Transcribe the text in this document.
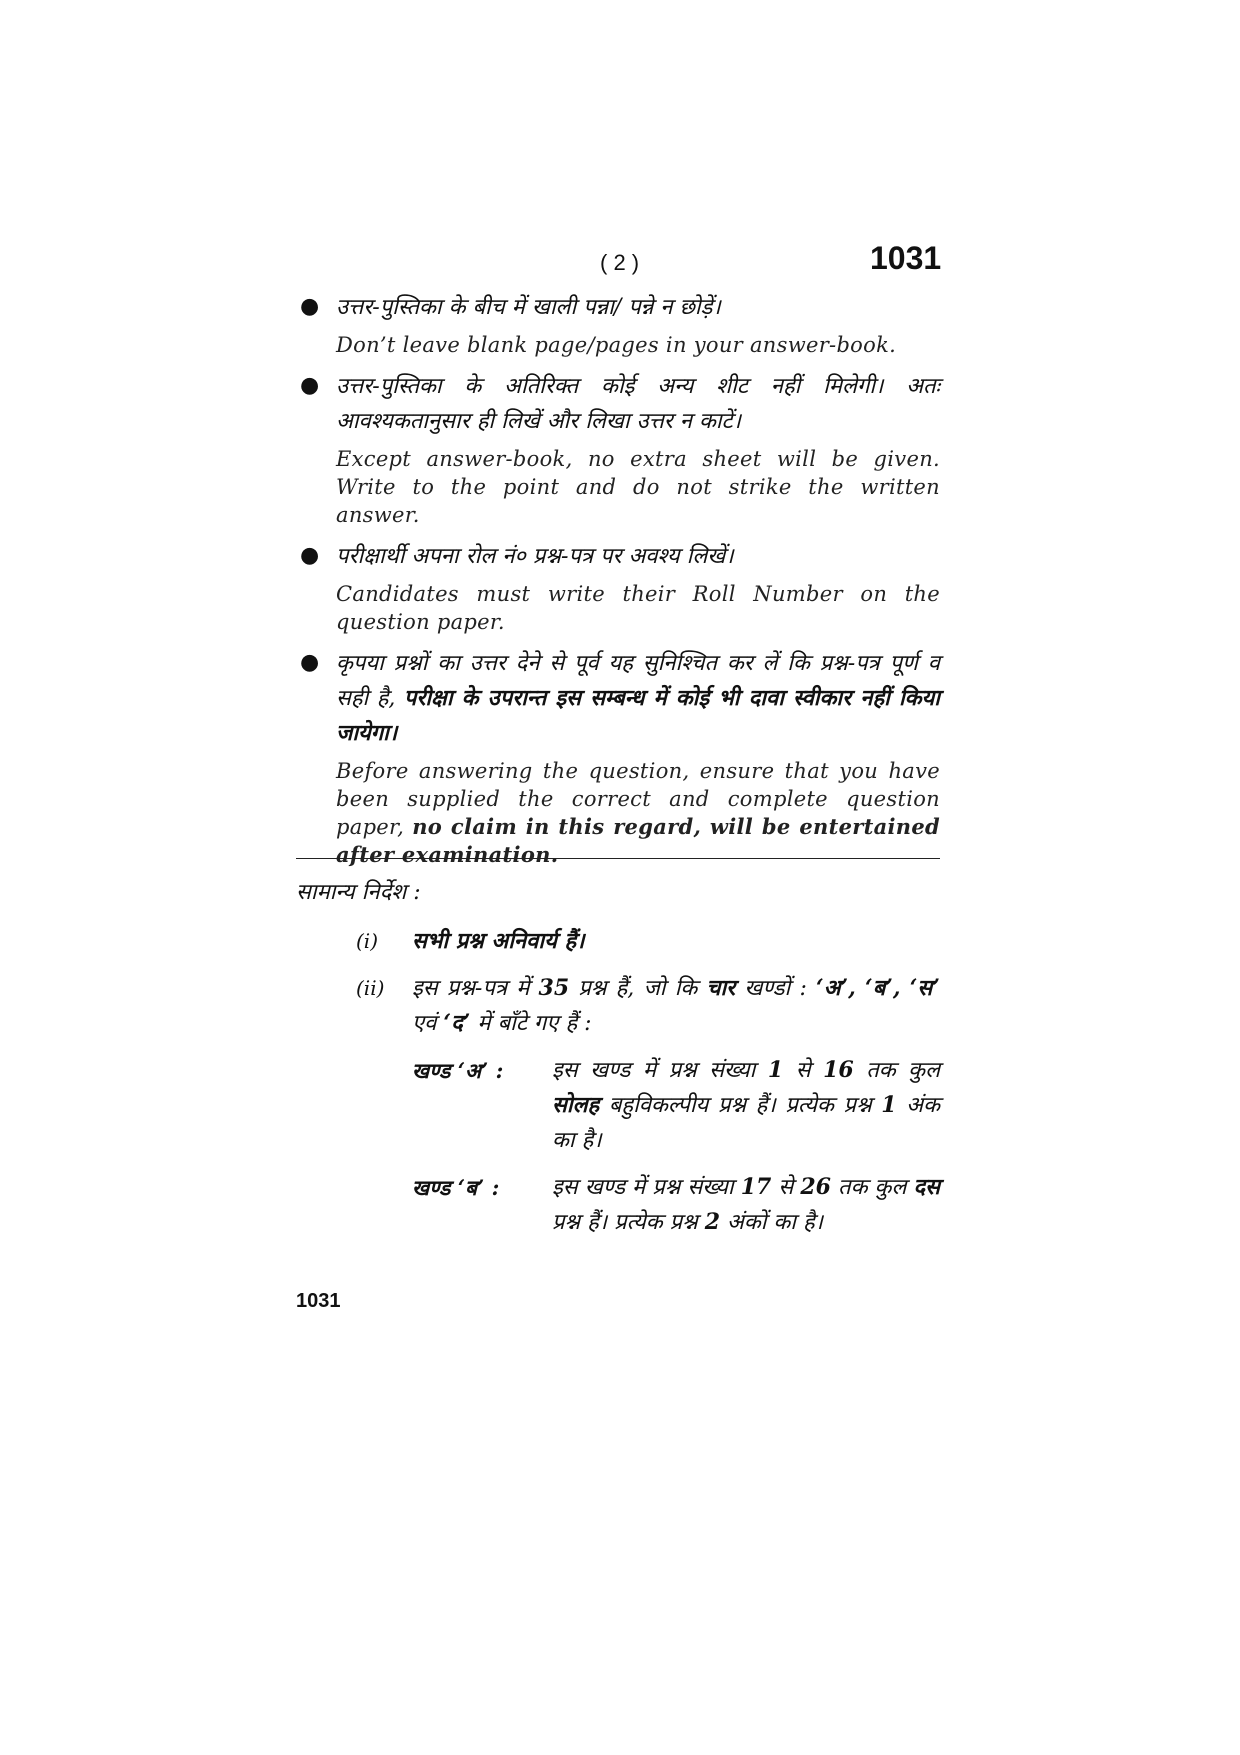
( 2 )	1031
● उत्तर-पुस्तिका के बीच में खाली पन्ना/ पन्ने न छोड़ें।
Don’t leave blank page/pages in your answer-book.
● उत्तर-पुस्तिका के अतिरिक्त कोई अन्य शीट नहीं मिलेगी। अतः आवश्यकतानुसार ही लिखें और लिखा उत्तर न काटें।
Except answer-book, no extra sheet will be given. Write to the point and do not strike the written answer.
● परीक्षार्थी अपना रोल नं० प्रश्न-पत्र पर अवश्य लिखें।
Candidates must write their Roll Number on the question paper.
● कृपया प्रश्नों का उत्तर देने से पूर्व यह सुनिश्चित कर लें कि प्रश्न-पत्र पूर्ण व सही है, परीक्षा के उपरान्त इस सम्बन्ध में कोई भी दावा स्वीकार नहीं किया जायेगा।
Before answering the question, ensure that you have been supplied the correct and complete question paper, no claim in this regard, will be entertained after examination.
सामान्य निर्देश :
(i) सभी प्रश्न अनिवार्य हैं।
(ii) इस प्रश्न-पत्र में 35 प्रश्न हैं, जो कि चार खण्डों : ‘अ’, ‘ब’, ‘स’ एवं ‘द’ में बाँटे गए हैं :
खण्ड ‘अ’ : इस खण्ड में प्रश्न संख्या 1 से 16 तक कुल सोलह बहुविकल्पीय प्रश्न हैं। प्रत्येक प्रश्न 1 अंक का है।
खण्ड ‘ब’ : इस खण्ड में प्रश्न संख्या 17 से 26 तक कुल दस प्रश्न हैं। प्रत्येक प्रश्न 2 अंकों का है।
1031
